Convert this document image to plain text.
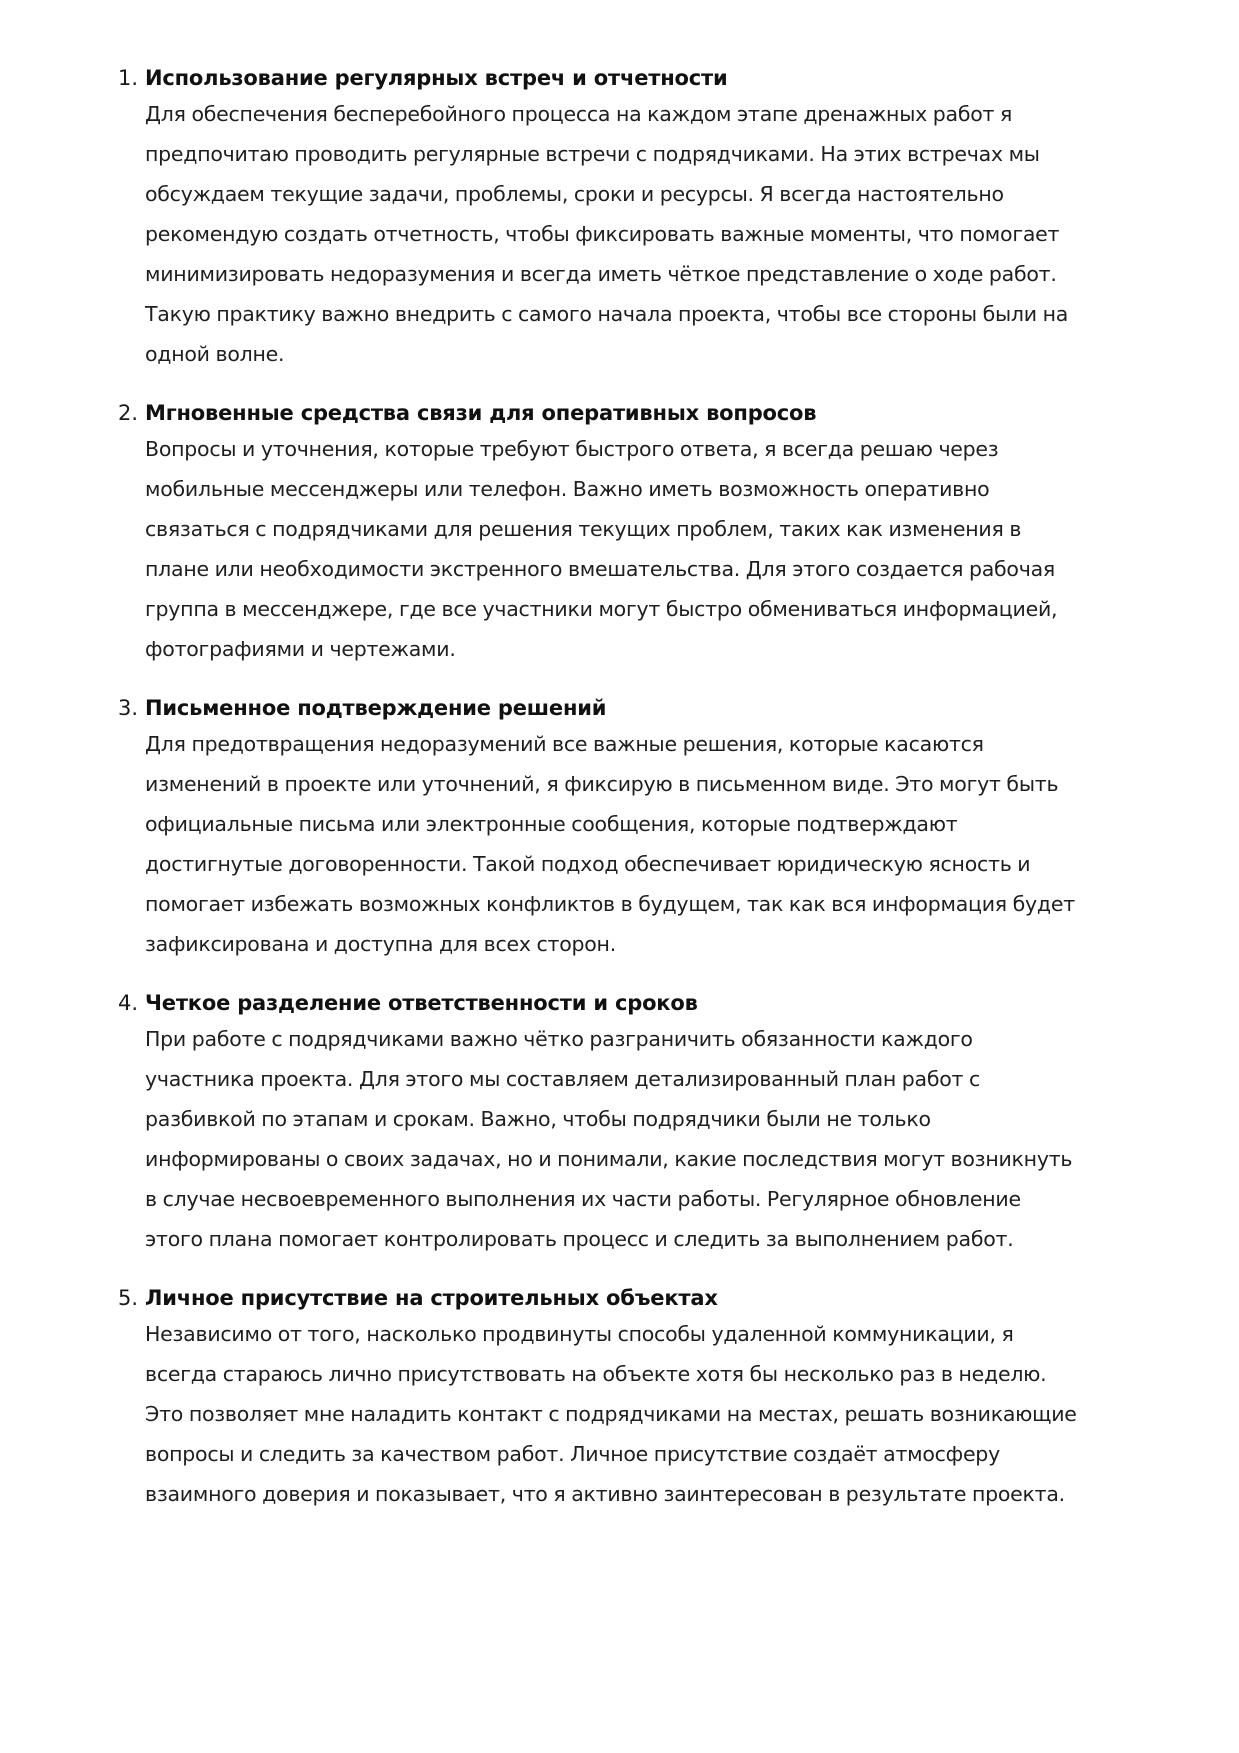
1. Использование регулярных встреч и отчетности
Для обеспечения бесперебойного процесса на каждом этапе дренажных работ я
предпочитаю проводить регулярные встречи с подрядчиками. На этих встречах мы
обсуждаем текущие задачи, проблемы, сроки и ресурсы. Я всегда настоятельно
рекомендую создать отчетность, чтобы фиксировать важные моменты, что помогает
минимизировать недоразумения и всегда иметь чёткое представление о ходе работ.
Такую практику важно внедрить с самого начала проекта, чтобы все стороны были на
одной волне.
2. Мгновенные средства связи для оперативных вопросов
Вопросы и уточнения, которые требуют быстрого ответа, я всегда решаю через
мобильные мессенджеры или телефон. Важно иметь возможность оперативно
связаться с подрядчиками для решения текущих проблем, таких как изменения в
плане или необходимости экстренного вмешательства. Для этого создается рабочая
группа в мессенджере, где все участники могут быстро обмениваться информацией,
фотографиями и чертежами.
3. Письменное подтверждение решений
Для предотвращения недоразумений все важные решения, которые касаются
изменений в проекте или уточнений, я фиксирую в письменном виде. Это могут быть
официальные письма или электронные сообщения, которые подтверждают
достигнутые договоренности. Такой подход обеспечивает юридическую ясность и
помогает избежать возможных конфликтов в будущем, так как вся информация будет
зафиксирована и доступна для всех сторон.
4. Четкое разделение ответственности и сроков
При работе с подрядчиками важно чётко разграничить обязанности каждого
участника проекта. Для этого мы составляем детализированный план работ с
разбивкой по этапам и срокам. Важно, чтобы подрядчики были не только
информированы о своих задачах, но и понимали, какие последствия могут возникнуть
в случае несвоевременного выполнения их части работы. Регулярное обновление
этого плана помогает контролировать процесс и следить за выполнением работ.
5. Личное присутствие на строительных объектах
Независимо от того, насколько продвинуты способы удаленной коммуникации, я
всегда стараюсь лично присутствовать на объекте хотя бы несколько раз в неделю.
Это позволяет мне наладить контакт с подрядчиками на местах, решать возникающие
вопросы и следить за качеством работ. Личное присутствие создаёт атмосферу
взаимного доверия и показывает, что я активно заинтересован в результате проекта.
